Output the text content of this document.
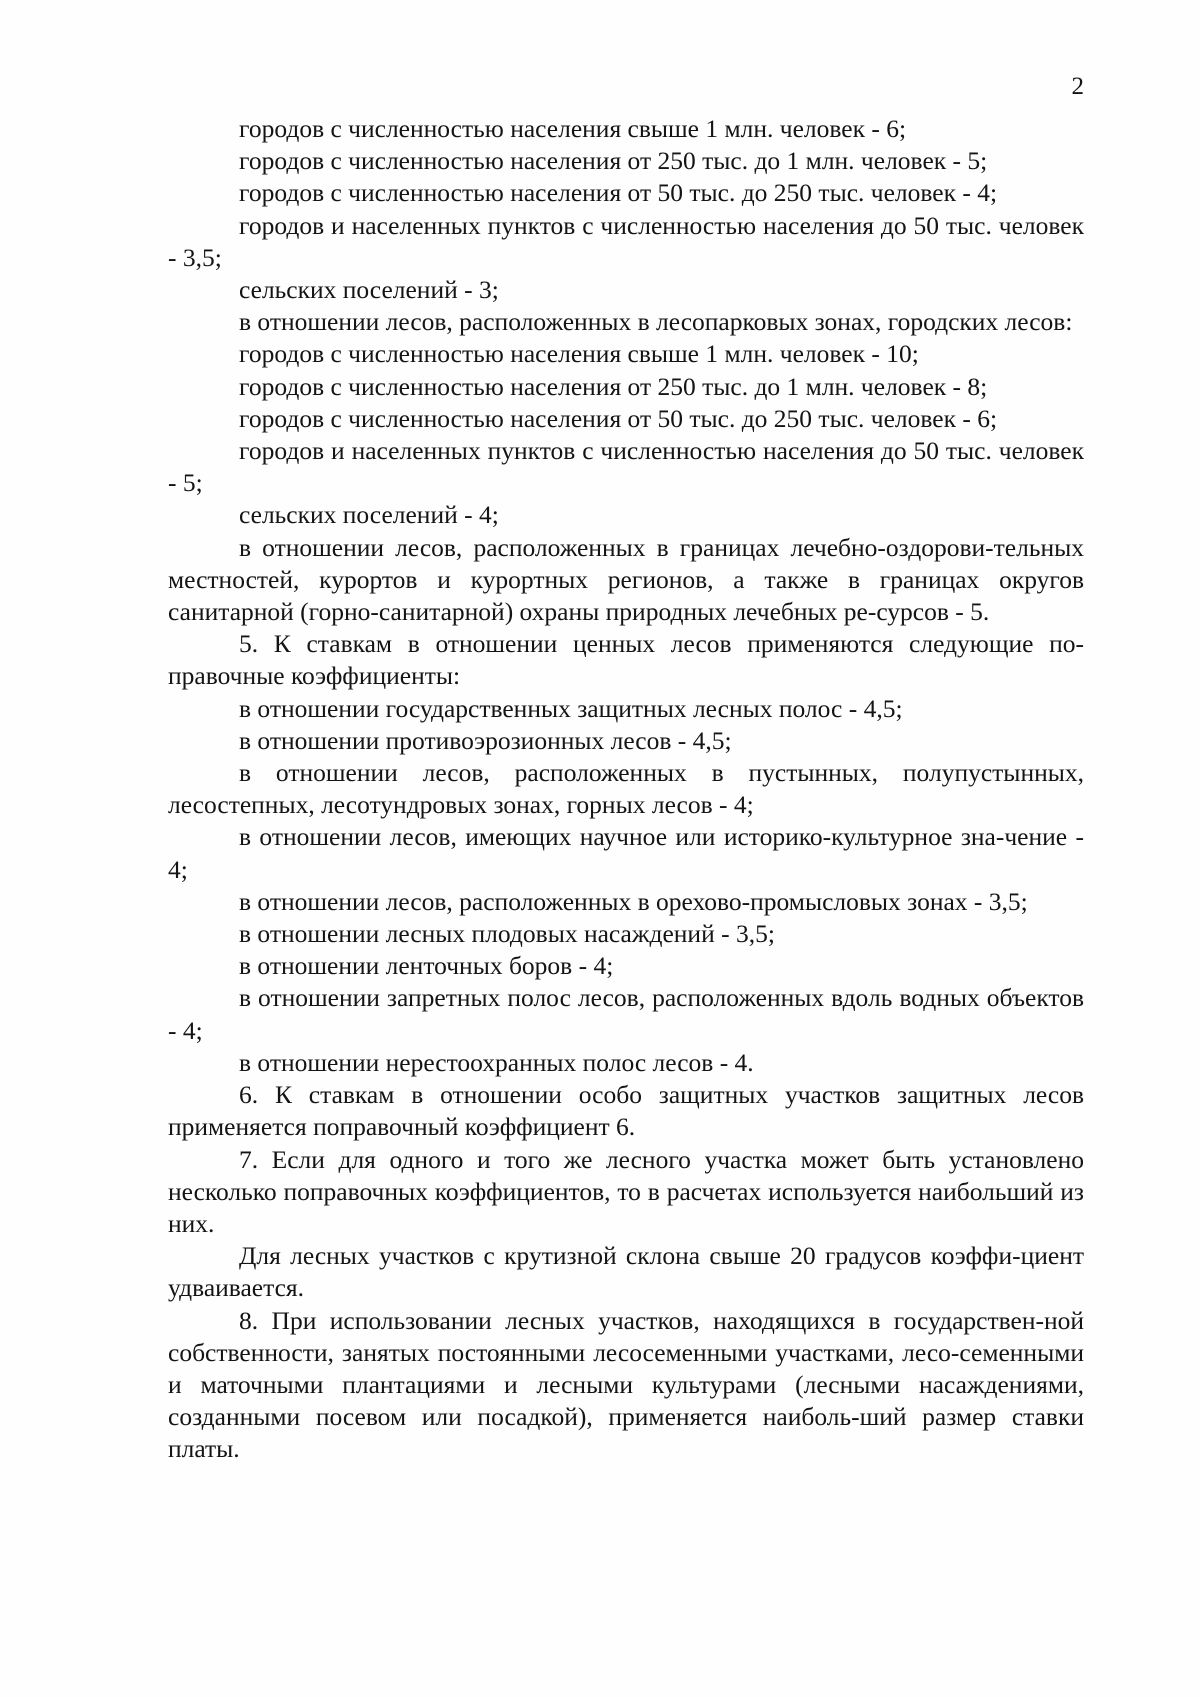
2

городов с численностью населения свыше 1 млн. человек - 6;

городов с численностью населения от 250 тыс. до 1 млн. человек - 5;

городов с численностью населения от 50 тыс. до 250 тыс. человек - 4;

городов и населенных пунктов с численностью населения до 50 тыс. человек - 3,5;

сельских поселений - 3;

в отношении лесов, расположенных в лесопарковых зонах, городских лесов:

городов с численностью населения свыше 1 млн. человек - 10;

городов с численностью населения от 250 тыс. до 1 млн. человек - 8;

городов с численностью населения от 50 тыс. до 250 тыс. человек - 6;

городов и населенных пунктов с численностью населения до 50 тыс. человек - 5;

сельских поселений - 4;

в отношении лесов, расположенных в границах лечебно-оздорови-тельных местностей, курортов и курортных регионов, а также в границах округов санитарной (горно-санитарной) охраны природных лечебных ре-сурсов - 5.

5. К ставкам в отношении ценных лесов применяются следующие по-правочные коэффициенты:

в отношении государственных защитных лесных полос - 4,5;

в отношении противоэрозионных лесов - 4,5;

в отношении лесов, расположенных в пустынных, полупустынных, лесостепных, лесотундровых зонах, горных лесов - 4;

в отношении лесов, имеющих научное или историко-культурное зна-чение - 4;

в отношении лесов, расположенных в орехово-промысловых зонах - 3,5;

в отношении лесных плодовых насаждений - 3,5;

в отношении ленточных боров - 4;

в отношении запретных полос лесов, расположенных вдоль водных объектов - 4;

в отношении нерестоохранных полос лесов - 4.

6. К ставкам в отношении особо защитных участков защитных лесов применяется поправочный коэффициент 6.

7. Если для одного и того же лесного участка может быть установлено несколько поправочных коэффициентов, то в расчетах используется наибольший из них.

Для лесных участков с крутизной склона свыше 20 градусов коэффи-циент удваивается.

8. При использовании лесных участков, находящихся в государствен-ной собственности, занятых постоянными лесосеменными участками, лесо-семенными и маточными плантациями и лесными культурами (лесными насаждениями, созданными посевом или посадкой), применяется наиболь-ший размер ставки платы.
